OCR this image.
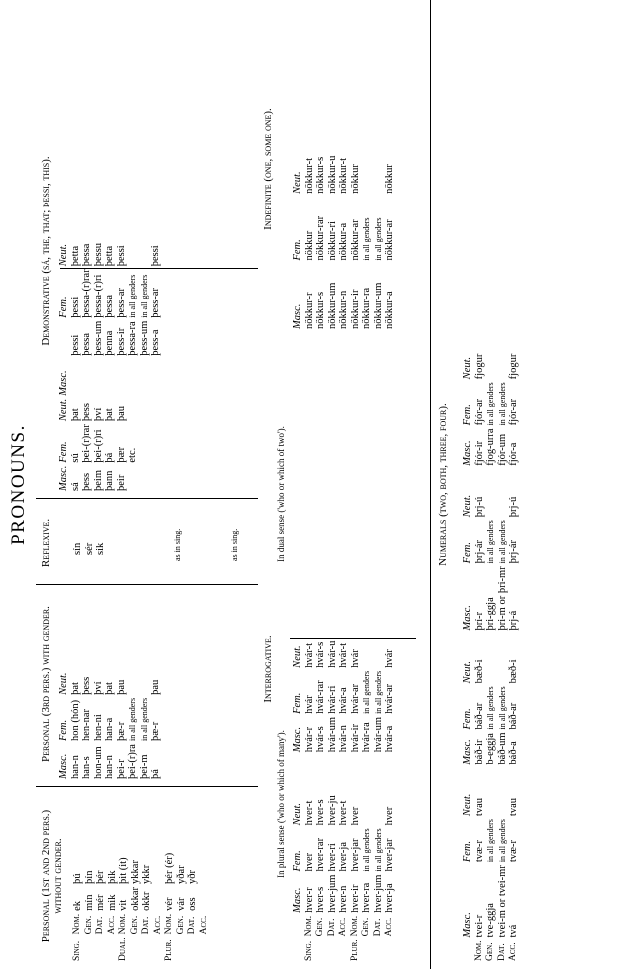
PRONOUNS.
Personal (1st and 2nd pers.)
without gender.
Personal (3rd pers.) with gender.
Reflexive.
Demonstrative (sá, the, that; þessi, this).
Sing.	Nom.	ek	þú
	Gen.	mín	þín
	Dat.	mér	þér
	Acc.	mik	þik
Dual.	Nom.	vit	þit (it)
	Gen.	okkar	ykkar
	Dat.	okkr	ykkr
	Acc.		
Plur.	Nom.	vér	þér (ér)
	Gen.	vár	yðar
	Dat.	oss	yðr
	Acc.		
Masc.	Fem.	Neut.
han-n	hon (hón)	þat
han-s	hen-nar	þess
hon-um	hen-ni	því
han-n	han-a	þat

þei-r	þæ-r	þau
þei-(r)ra	in all genders	
þei-m	in all genders	
þá	þæ-r	þau

sín
sér
sik	as in sing.	as in sing.
Masc.	Fem.	Neut.	Masc.	Fem.	Neut.
sá	sú	þat	þessi	þessi	þetta
þess	þei-(r)rar	þess	þessa	þessa-(r)rar	þessa
þeim	þei-(r)ri	því	þess-um	þessa-(r)ri	þessu
þann	þá	þat	þenna	þessa	þetta

þeir	þær	þau	þess-ir	þess-ar	þessi
	etc.		þessa-ra	in all genders	
			þess-um	in all genders	
			þess-a	þess-ar	þessi
Interrogative.
In plural sense ('who or which of many').
In dual sense ('who or which of two').
		Masc.	Fem.	Neut.	Masc.	Fem.	Neut.
Sing.	Nom.	hver-r	hver	hver-t	hvár-r	hvár	hvár-t
	Gen.	hver-s	hver-rar	hver-s	hvár-s	hvár-rar	hvár-s
	Dat.	hver-jum	hver-ri	hver-ju	hvár-um	hvár-ri	hvár-u
	Acc.	hver-n	hver-ja	hver-t	hvár-n	hvár-a	hvár-t
Plur.	Nom.	hver-ir	hver-jar	hver	hvár-ir	hvár-ar	hvár
	Gen.	hver-ra	in all genders		hvár-ra	in all genders	
	Dat.	hver-jum	in all genders		hvár-um	in all genders	
	Acc.	hver-ja	hver-jar	hver	hvár-a	hvár-ar	hvár
Indefinite (one, some one).
Masc.	Fem.	Neut.
nökkur-r	nökkur	nökkur-t
nökkur-s	nökkur-rar	nökkur-s
nökkur-um	nökkur-ri	nökkur-u
nökkur-n	nökkur-a	nökkur-t
nökkur-ir	nökkur-ar	nökkur
nökkur-ra	in all genders	
nökkur-um	in all genders	
nökkur-a	nökkur-ar	nökkur
Numerals (two, both, three, four).
	Masc.	Fem.	Neut.	Masc.	Fem.	Neut.	Masc.	Fem.	Neut.	Masc.	Fem.	Neut.
Nom.	tvei-r	tvæ-r	tvau	báð-ir	báð-ar	bæð-i	þrí-r	þrj-ár	þrj-ú	fjór-ir	fjór-ar	fjogur
Gen.	tve-ggja	in all genders		b-eggja	in all genders		þri-ggja	in all genders		fjog-urra	in all genders	
Dat.	tvei-m or tvei-mr	in all genders		báð-um	in all genders		þri-m or þri-mr	in all genders		fjór-um	in all genders	
Acc.	tvá	tvæ-r	tvau	báð-a	báð-ar	bæð-i	þrj-á	þrj-ár	þrj-ú	fjór-a	fjór-ar	fjogur
